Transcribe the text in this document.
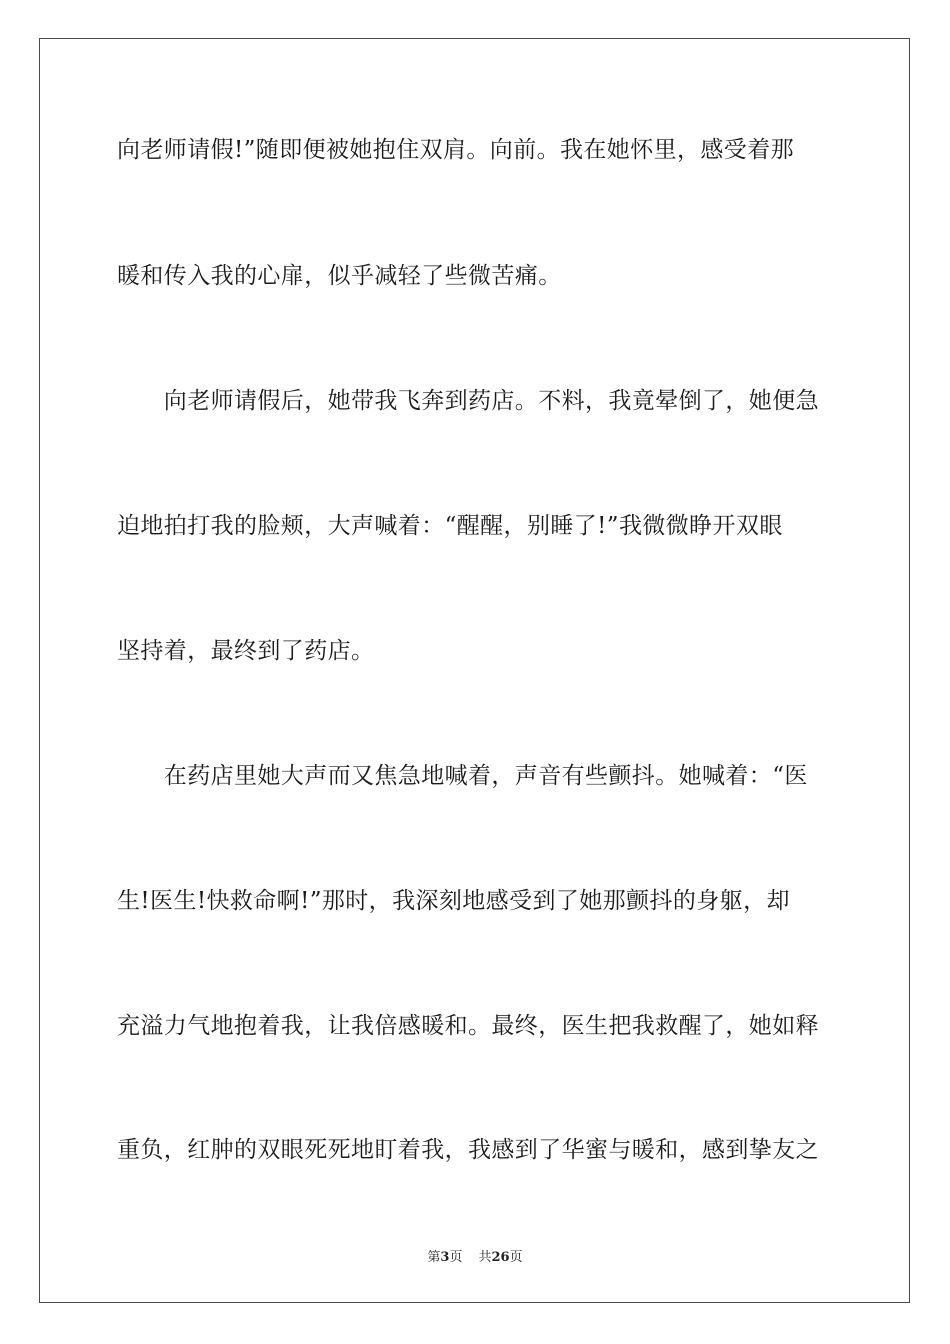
向老师请假!”随即便被她抱住双肩。向前。我在她怀里，感受着那
暖和传入我的心扉，似乎减轻了些微苦痛。
　　向老师请假后，她带我飞奔到药店。不料，我竟晕倒了，她便急
迫地拍打我的脸颊，大声喊着：“醒醒，别睡了!”我微微睁开双眼
坚持着，最终到了药店。
　　在药店里她大声而又焦急地喊着，声音有些颤抖。她喊着：“医
生!医生!快救命啊!”那时，我深刻地感受到了她那颤抖的身躯，却
充溢力气地抱着我，让我倍感暖和。最终，医生把我救醒了，她如释
重负，红肿的双眼死死地盯着我，我感到了华蜜与暖和，感到挚友之
第3页 共26页
